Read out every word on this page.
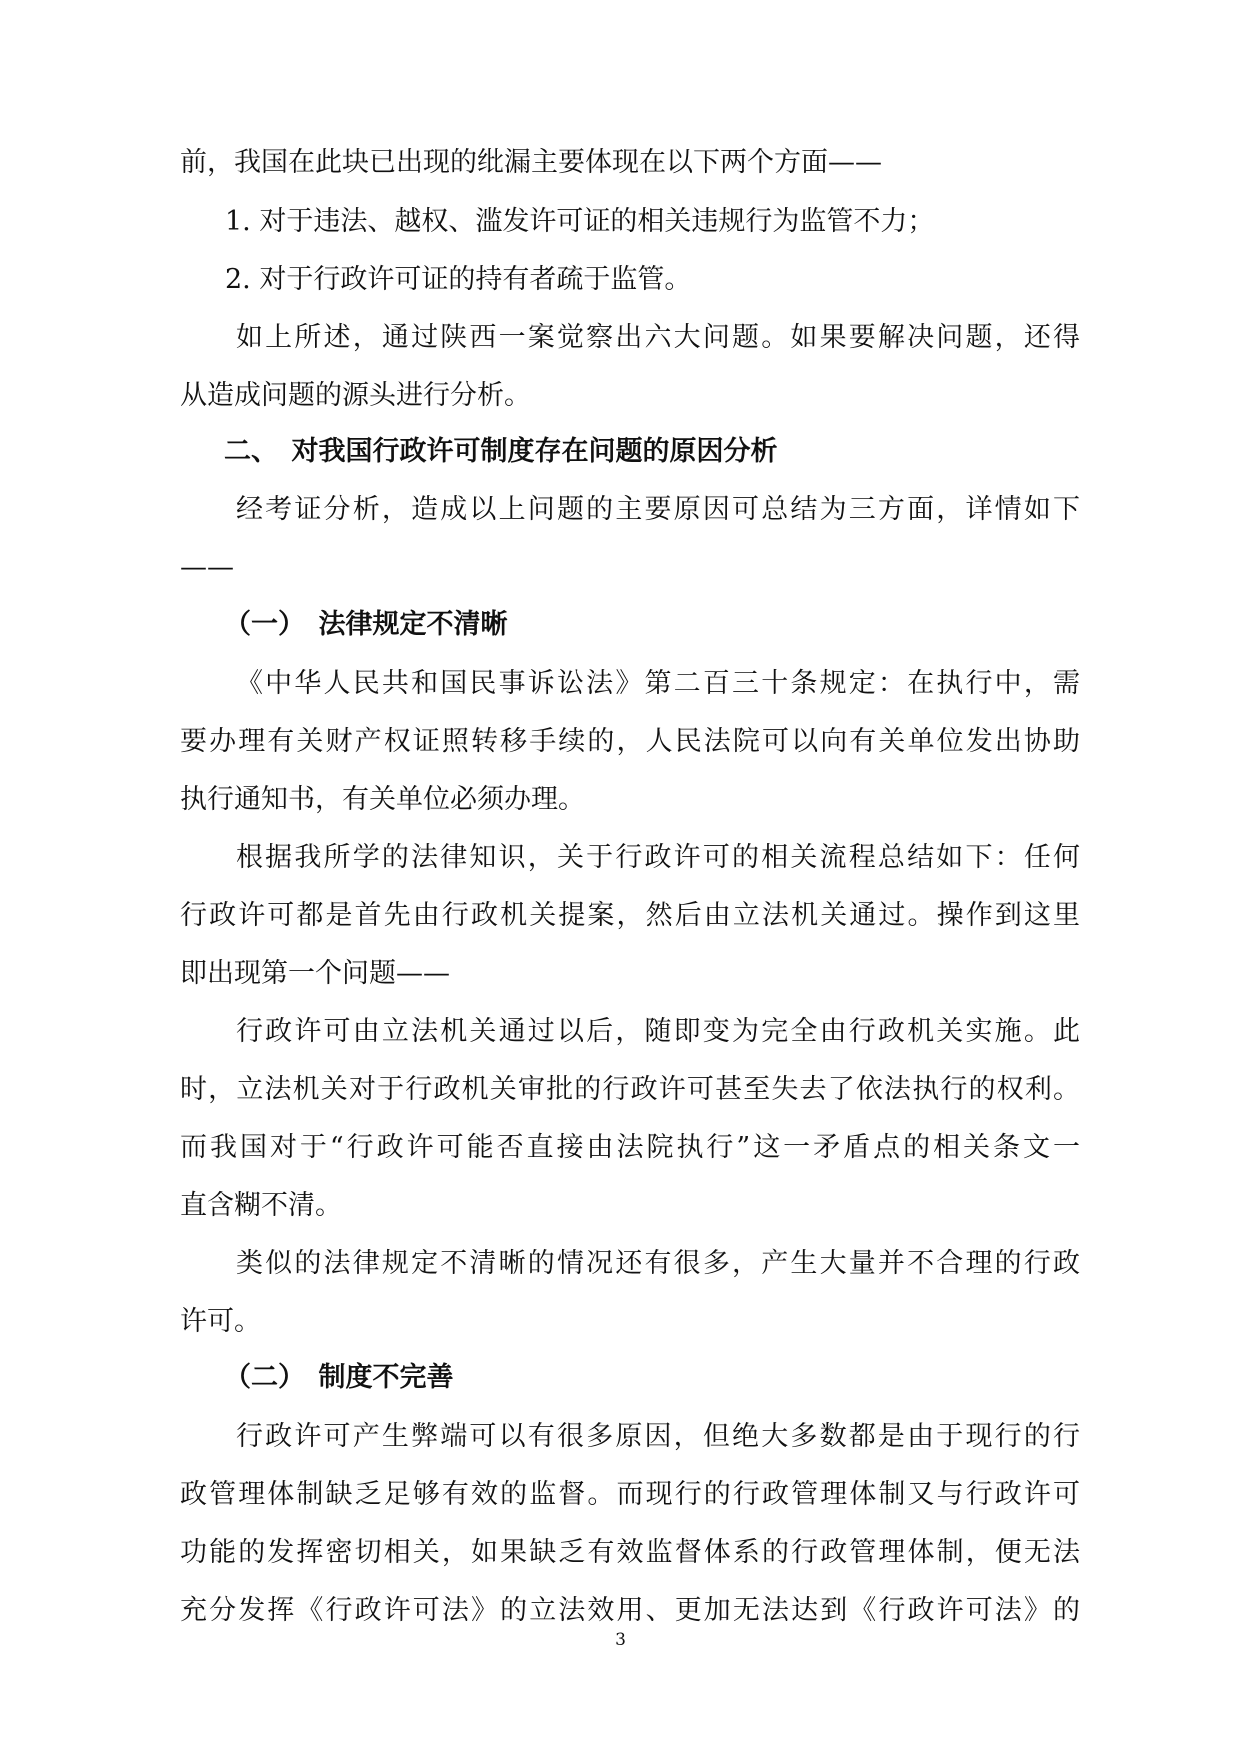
前，我国在此块已出现的纰漏主要体现在以下两个方面——
1. 对于违法、越权、滥发许可证的相关违规行为监管不力；
2. 对于行政许可证的持有者疏于监管。
如上所述，通过陕西一案觉察出六大问题。如果要解决问题，还得
从造成问题的源头进行分析。
二、　对我国行政许可制度存在问题的原因分析
经考证分析，造成以上问题的主要原因可总结为三方面，详情如下
——
（一）　法律规定不清晰
《中华人民共和国民事诉讼法》第二百三十条规定：在执行中，需
要办理有关财产权证照转移手续的，人民法院可以向有关单位发出协助
执行通知书，有关单位必须办理。
根据我所学的法律知识，关于行政许可的相关流程总结如下：任何
行政许可都是首先由行政机关提案，然后由立法机关通过。操作到这里
即出现第一个问题——
行政许可由立法机关通过以后，随即变为完全由行政机关实施。此
时，立法机关对于行政机关审批的行政许可甚至失去了依法执行的权利。
而我国对于“行政许可能否直接由法院执行”这一矛盾点的相关条文一
直含糊不清。
类似的法律规定不清晰的情况还有很多，产生大量并不合理的行政
许可。
（二）　制度不完善
行政许可产生弊端可以有很多原因，但绝大多数都是由于现行的行
政管理体制缺乏足够有效的监督。而现行的行政管理体制又与行政许可
功能的发挥密切相关，如果缺乏有效监督体系的行政管理体制，便无法
充分发挥《行政许可法》的立法效用、更加无法达到《行政许可法》的
3
